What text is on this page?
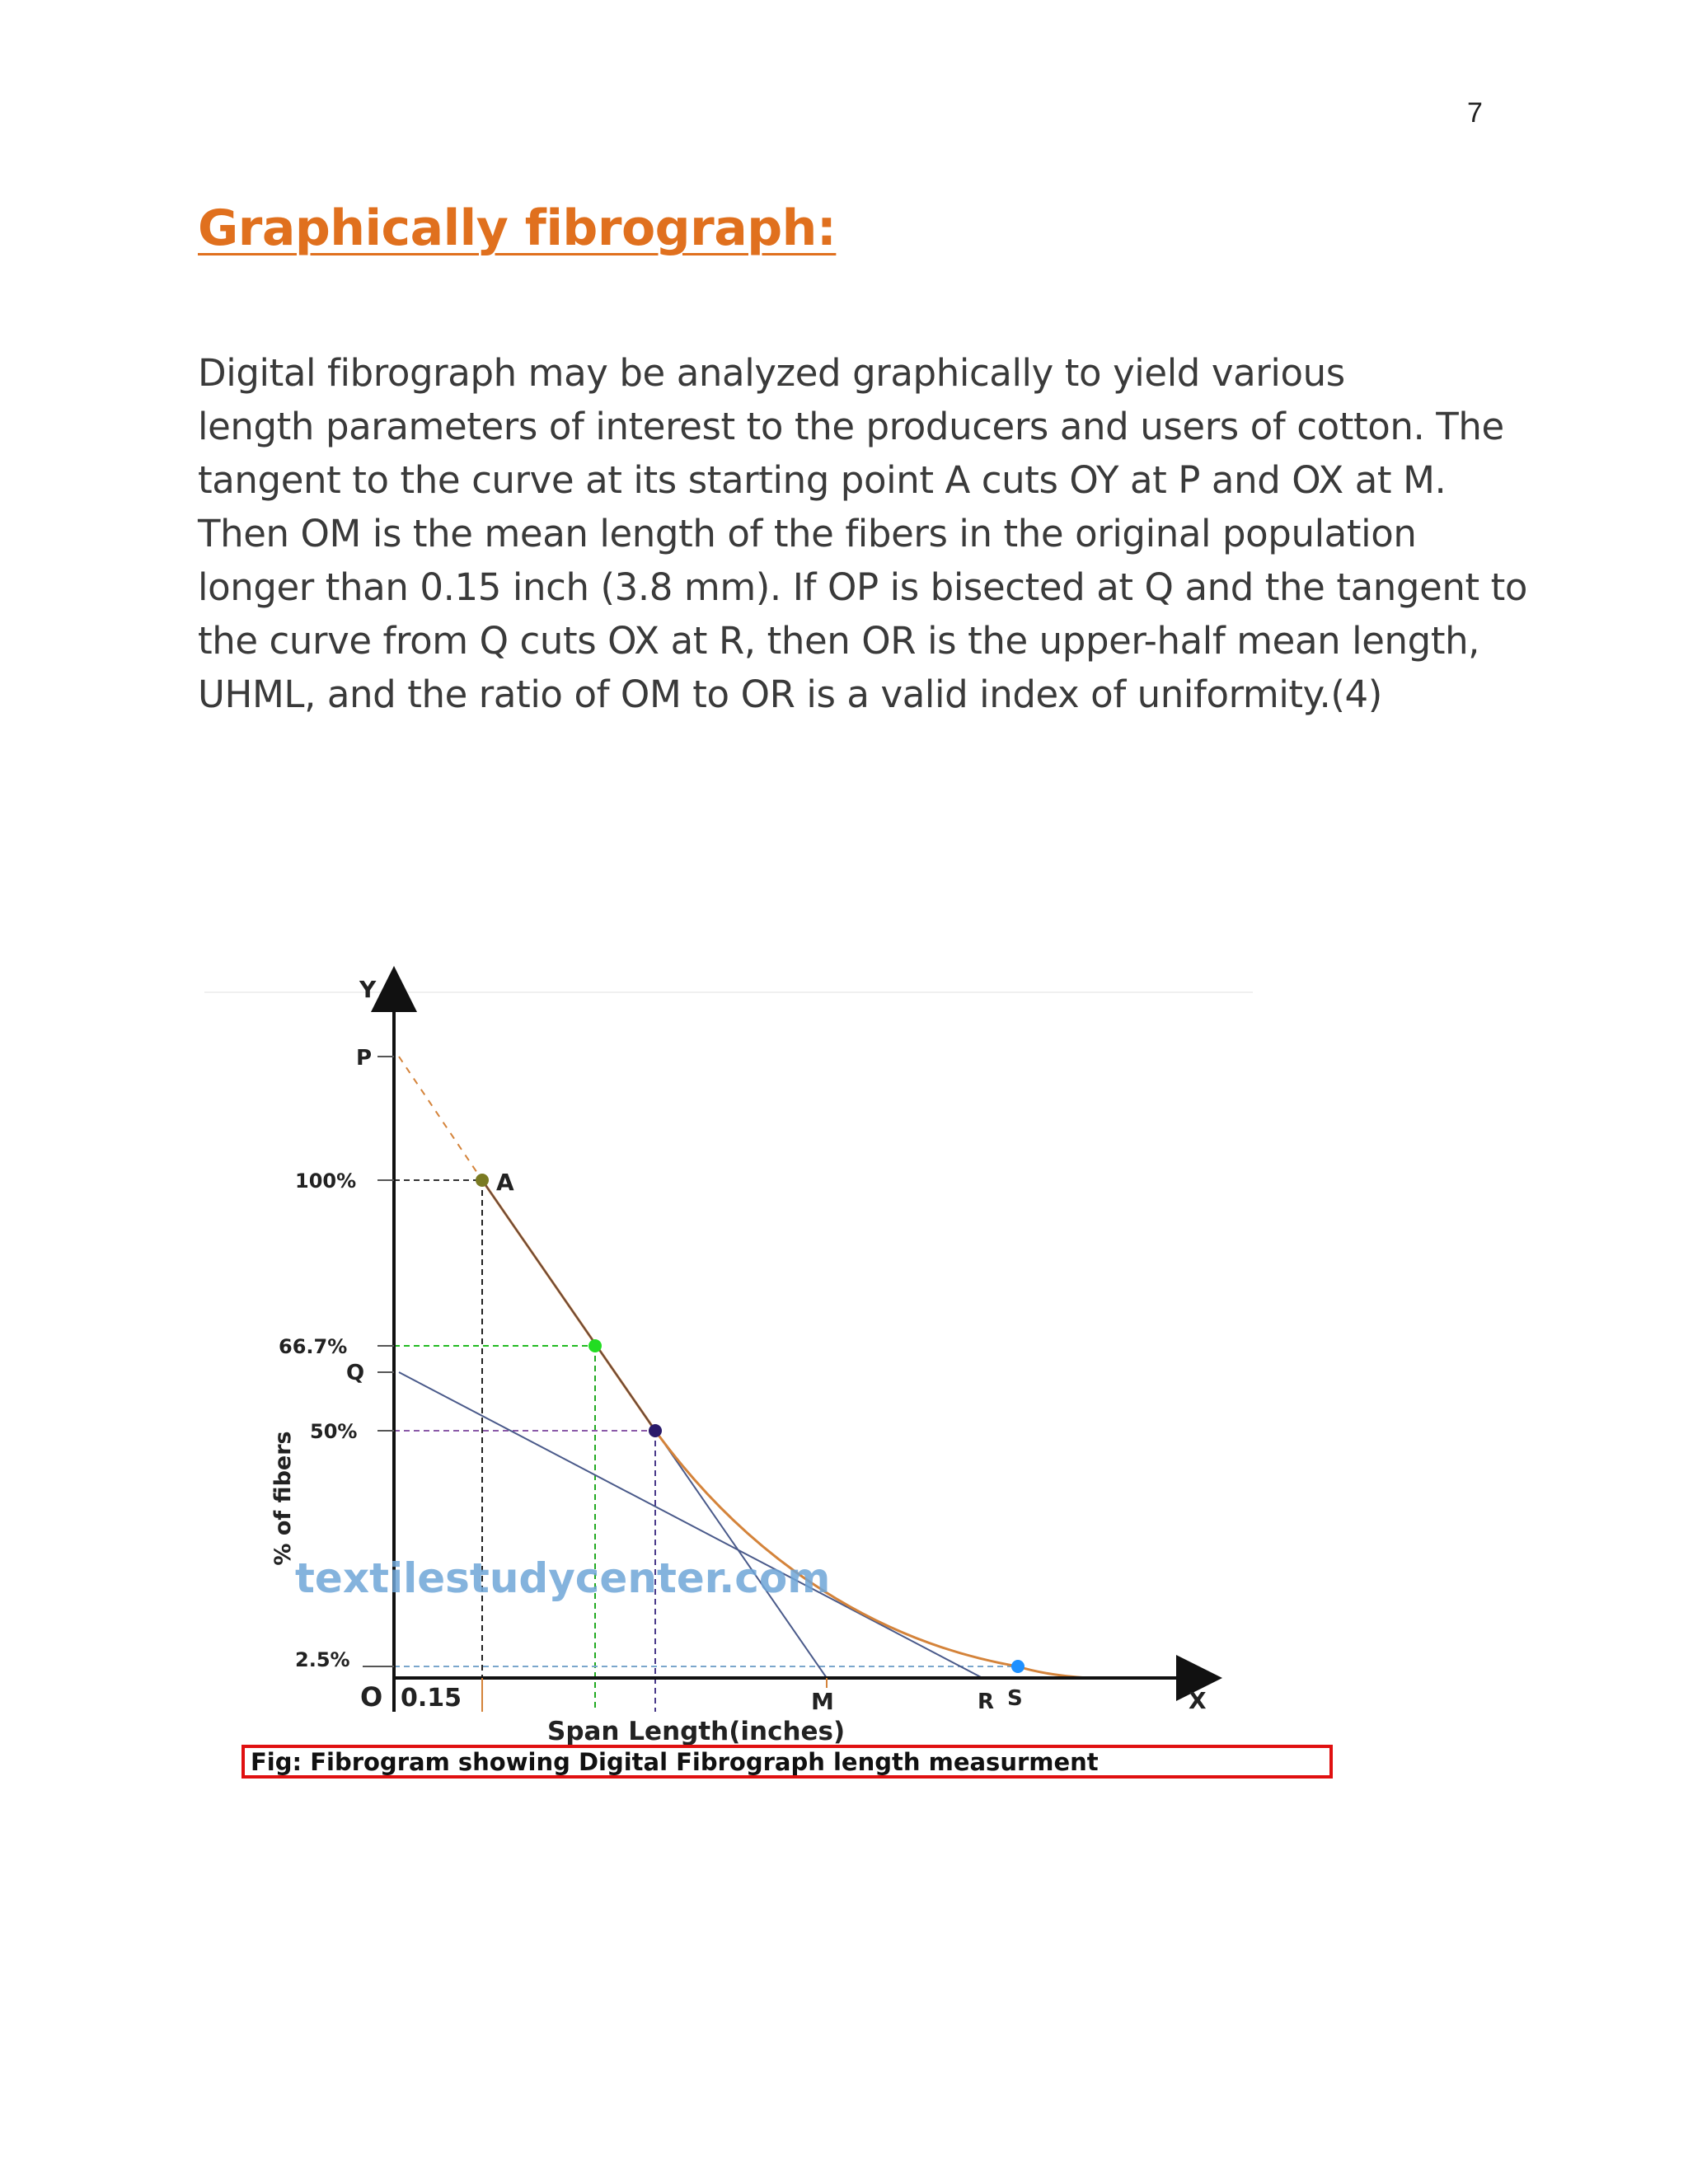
7
Graphically fibrograph:
Digital fibrograph may be analyzed graphically to yield various
length parameters of interest to the producers and users of cotton. The
tangent to the curve at its starting point A cuts OY at P and OX at M.
Then OM is the mean length of the fibers in the original population
longer than 0.15 inch (3.8 mm). If OP is bisected at Q and the tangent to
the curve from Q cuts OX at R, then OR is the upper-half mean length,
UHML, and the ratio of OM to OR is a valid index of uniformity.(4)
Y
X
O
P
100%
66.7%
Q
50%
2.5%
A
0.15	M	R S
% of fibers
Span Length(inches)
textilestudycenter.com
Fig: Fibrogram showing Digital Fibrograph length measurment
